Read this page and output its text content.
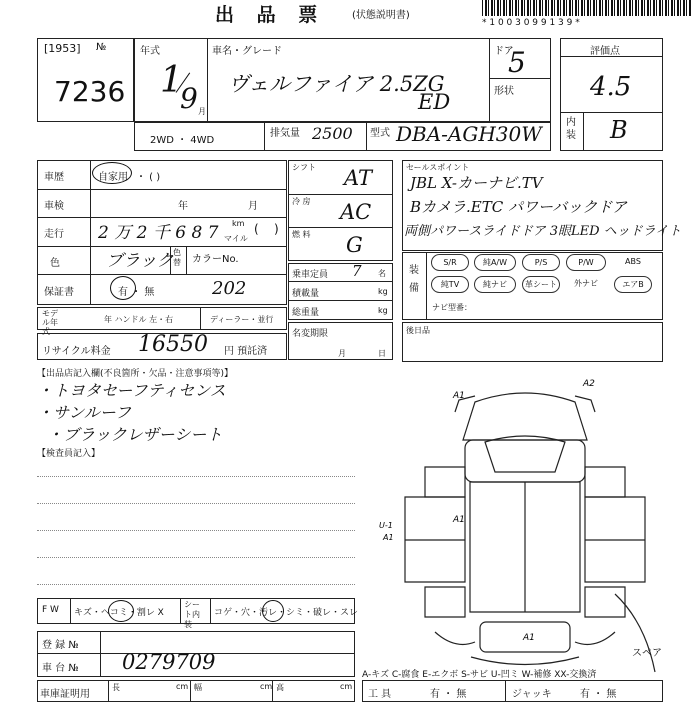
出 品 票	(状態説明書)
* 1 0 0 3 0 9 9 1 3 9 *
[1953] №
7236
年式	車名・グレード	ドア
形状
1
9 月
ヴェルファイア 2.5ZG
ED
5	評価点
4.5
内装 B
2WD ・ 4WD
排気量 2500 型式 DBA-AGH30W
車歴	自家用 ・ ( )
車検	年	月
走行 2 万 2 千 6 8 7 km
マイル
(    )
色	ブラック 色替 カラーNo.
保証書	有 ・ 無	202
モデル年式
年 ハンドル 左・右	ディーラー・並行
リサイクル料金 16550 円 預託済
シフト AT
冷 房 AC
燃 料 G
乗車定員 7 名
積載量	kg
総重量	kg
名変期限
月	日
セールスポイント
JBL X-カーナビ.TV
Bカメラ.ETC パワーバックドア
両側パワースライドドア 3眼LED ヘッドライト
装 備
S/R	純A/W	P/S	P/W	ABS
純TV	純ナビ	革シート	外ナビ	エアB
ナビ型番：
後日品
【出品店記入欄(不良箇所・欠品・注意事項等)】
・トヨタセーフティセンス
・サンルーフ
・ブラックレザーシート
【検査員記入】
A1
A2
A1
U-1
A1
A1
スペア
F W キズ・ヘコミ・割レ X
シート内装
コゲ・穴・汚レ・シミ・破レ・スレ
登 録 №
車 台 № 0279709
A-キズ C-腐食 E-エクボ S-サビ U-凹ミ W-補修 XX-交換済
車庫証明用
長	cm 幅	cm 高	cm
工 具	有 ・ 無	ジャッキ	有 ・ 無
